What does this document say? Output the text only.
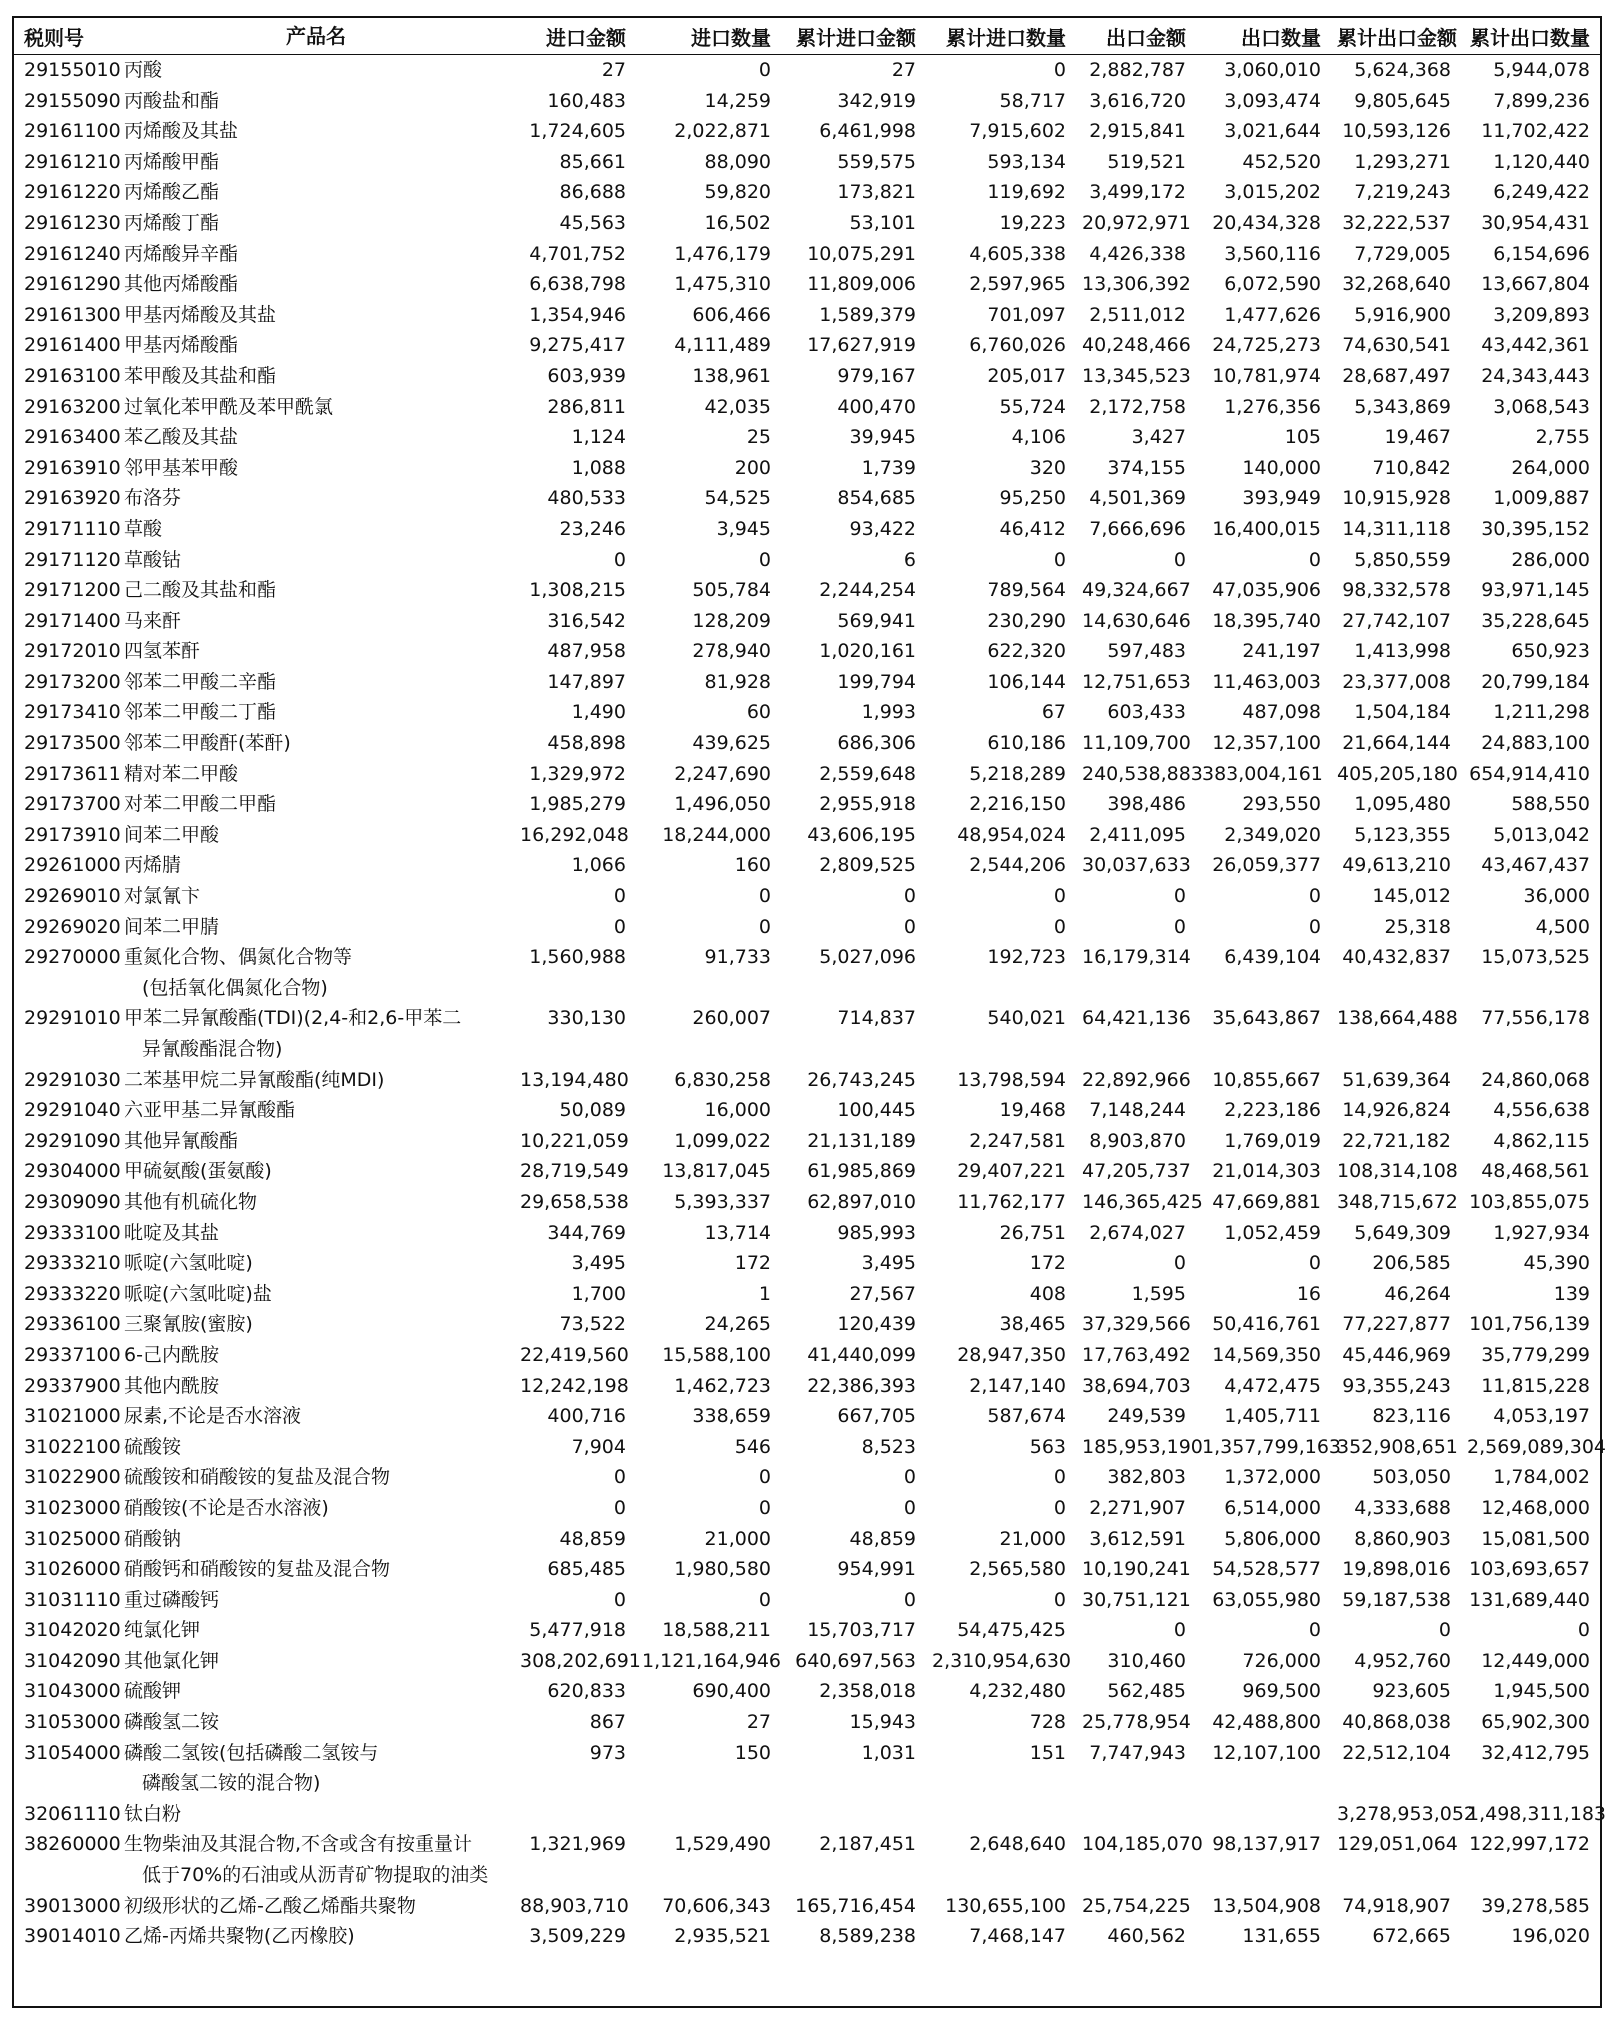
税则号	产品名	进口金额	进口数量	累计进口金额	累计进口数量	出口金额	出口数量	累计出口金额	累计出口数量
29155010	丙酸	27	0	27	0	2,882,787	3,060,010	5,624,368	5,944,078
29155090	丙酸盐和酯	160,483	14,259	342,919	58,717	3,616,720	3,093,474	9,805,645	7,899,236
29161100	丙烯酸及其盐	1,724,605	2,022,871	6,461,998	7,915,602	2,915,841	3,021,644	10,593,126	11,702,422
29161210	丙烯酸甲酯	85,661	88,090	559,575	593,134	519,521	452,520	1,293,271	1,120,440
29161220	丙烯酸乙酯	86,688	59,820	173,821	119,692	3,499,172	3,015,202	7,219,243	6,249,422
29161230	丙烯酸丁酯	45,563	16,502	53,101	19,223	20,972,971	20,434,328	32,222,537	30,954,431
29161240	丙烯酸异辛酯	4,701,752	1,476,179	10,075,291	4,605,338	4,426,338	3,560,116	7,729,005	6,154,696
29161290	其他丙烯酸酯	6,638,798	1,475,310	11,809,006	2,597,965	13,306,392	6,072,590	32,268,640	13,667,804
29161300	甲基丙烯酸及其盐	1,354,946	606,466	1,589,379	701,097	2,511,012	1,477,626	5,916,900	3,209,893
29161400	甲基丙烯酸酯	9,275,417	4,111,489	17,627,919	6,760,026	40,248,466	24,725,273	74,630,541	43,442,361
29163100	苯甲酸及其盐和酯	603,939	138,961	979,167	205,017	13,345,523	10,781,974	28,687,497	24,343,443
29163200	过氧化苯甲酰及苯甲酰氯	286,811	42,035	400,470	55,724	2,172,758	1,276,356	5,343,869	3,068,543
29163400	苯乙酸及其盐	1,124	25	39,945	4,106	3,427	105	19,467	2,755
29163910	邻甲基苯甲酸	1,088	200	1,739	320	374,155	140,000	710,842	264,000
29163920	布洛芬	480,533	54,525	854,685	95,250	4,501,369	393,949	10,915,928	1,009,887
29171110	草酸	23,246	3,945	93,422	46,412	7,666,696	16,400,015	14,311,118	30,395,152
29171120	草酸钴	0	0	6	0	0	0	5,850,559	286,000
29171200	己二酸及其盐和酯	1,308,215	505,784	2,244,254	789,564	49,324,667	47,035,906	98,332,578	93,971,145
29171400	马来酐	316,542	128,209	569,941	230,290	14,630,646	18,395,740	27,742,107	35,228,645
29172010	四氢苯酐	487,958	278,940	1,020,161	622,320	597,483	241,197	1,413,998	650,923
29173200	邻苯二甲酸二辛酯	147,897	81,928	199,794	106,144	12,751,653	11,463,003	23,377,008	20,799,184
29173410	邻苯二甲酸二丁酯	1,490	60	1,993	67	603,433	487,098	1,504,184	1,211,298
29173500	邻苯二甲酸酐(苯酐)	458,898	439,625	686,306	610,186	11,109,700	12,357,100	21,664,144	24,883,100
29173611	精对苯二甲酸	1,329,972	2,247,690	2,559,648	5,218,289	240,538,883	383,004,161	405,205,180	654,914,410
29173700	对苯二甲酸二甲酯	1,985,279	1,496,050	2,955,918	2,216,150	398,486	293,550	1,095,480	588,550
29173910	间苯二甲酸	16,292,048	18,244,000	43,606,195	48,954,024	2,411,095	2,349,020	5,123,355	5,013,042
29261000	丙烯腈	1,066	160	2,809,525	2,544,206	30,037,633	26,059,377	49,613,210	43,467,437
29269010	对氯氰卞	0	0	0	0	0	0	145,012	36,000
29269020	间苯二甲腈	0	0	0	0	0	0	25,318	4,500
29270000	重氮化合物、偶氮化合物等
(包括氧化偶氮化合物)	1,560,988	91,733	5,027,096	192,723	16,179,314	6,439,104	40,432,837	15,073,525
29291010	甲苯二异氰酸酯(TDI)(2,4-和2,6-甲苯二
异氰酸酯混合物)	330,130	260,007	714,837	540,021	64,421,136	35,643,867	138,664,488	77,556,178
29291030	二苯基甲烷二异氰酸酯(纯MDI)	13,194,480	6,830,258	26,743,245	13,798,594	22,892,966	10,855,667	51,639,364	24,860,068
29291040	六亚甲基二异氰酸酯	50,089	16,000	100,445	19,468	7,148,244	2,223,186	14,926,824	4,556,638
29291090	其他异氰酸酯	10,221,059	1,099,022	21,131,189	2,247,581	8,903,870	1,769,019	22,721,182	4,862,115
29304000	甲硫氨酸(蛋氨酸)	28,719,549	13,817,045	61,985,869	29,407,221	47,205,737	21,014,303	108,314,108	48,468,561
29309090	其他有机硫化物	29,658,538	5,393,337	62,897,010	11,762,177	146,365,425	47,669,881	348,715,672	103,855,075
29333100	吡啶及其盐	344,769	13,714	985,993	26,751	2,674,027	1,052,459	5,649,309	1,927,934
29333210	哌啶(六氢吡啶)	3,495	172	3,495	172	0	0	206,585	45,390
29333220	哌啶(六氢吡啶)盐	1,700	1	27,567	408	1,595	16	46,264	139
29336100	三聚氰胺(蜜胺)	73,522	24,265	120,439	38,465	37,329,566	50,416,761	77,227,877	101,756,139
29337100	6-己内酰胺	22,419,560	15,588,100	41,440,099	28,947,350	17,763,492	14,569,350	45,446,969	35,779,299
29337900	其他内酰胺	12,242,198	1,462,723	22,386,393	2,147,140	38,694,703	4,472,475	93,355,243	11,815,228
31021000	尿素,不论是否水溶液	400,716	338,659	667,705	587,674	249,539	1,405,711	823,116	4,053,197
31022100	硫酸铵	7,904	546	8,523	563	185,953,190	1,357,799,163	352,908,651	2,569,089,304
31022900	硫酸铵和硝酸铵的复盐及混合物	0	0	0	0	382,803	1,372,000	503,050	1,784,002
31023000	硝酸铵(不论是否水溶液)	0	0	0	0	2,271,907	6,514,000	4,333,688	12,468,000
31025000	硝酸钠	48,859	21,000	48,859	21,000	3,612,591	5,806,000	8,860,903	15,081,500
31026000	硝酸钙和硝酸铵的复盐及混合物	685,485	1,980,580	954,991	2,565,580	10,190,241	54,528,577	19,898,016	103,693,657
31031110	重过磷酸钙	0	0	0	0	30,751,121	63,055,980	59,187,538	131,689,440
31042020	纯氯化钾	5,477,918	18,588,211	15,703,717	54,475,425	0	0	0	0
31042090	其他氯化钾	308,202,691	1,121,164,946	640,697,563	2,310,954,630	310,460	726,000	4,952,760	12,449,000
31043000	硫酸钾	620,833	690,400	2,358,018	4,232,480	562,485	969,500	923,605	1,945,500
31053000	磷酸氢二铵	867	27	15,943	728	25,778,954	42,488,800	40,868,038	65,902,300
31054000	磷酸二氢铵(包括磷酸二氢铵与
磷酸氢二铵的混合物)	973	150	1,031	151	7,747,943	12,107,100	22,512,104	32,412,795
32061110	钛白粉							3,278,953,052	1,498,311,183
38260000	生物柴油及其混合物,不含或含有按重量计
低于70%的石油或从沥青矿物提取的油类	1,321,969	1,529,490	2,187,451	2,648,640	104,185,070	98,137,917	129,051,064	122,997,172
39013000	初级形状的乙烯-乙酸乙烯酯共聚物	88,903,710	70,606,343	165,716,454	130,655,100	25,754,225	13,504,908	74,918,907	39,278,585
39014010	乙烯-丙烯共聚物(乙丙橡胶)	3,509,229	2,935,521	8,589,238	7,468,147	460,562	131,655	672,665	196,020
